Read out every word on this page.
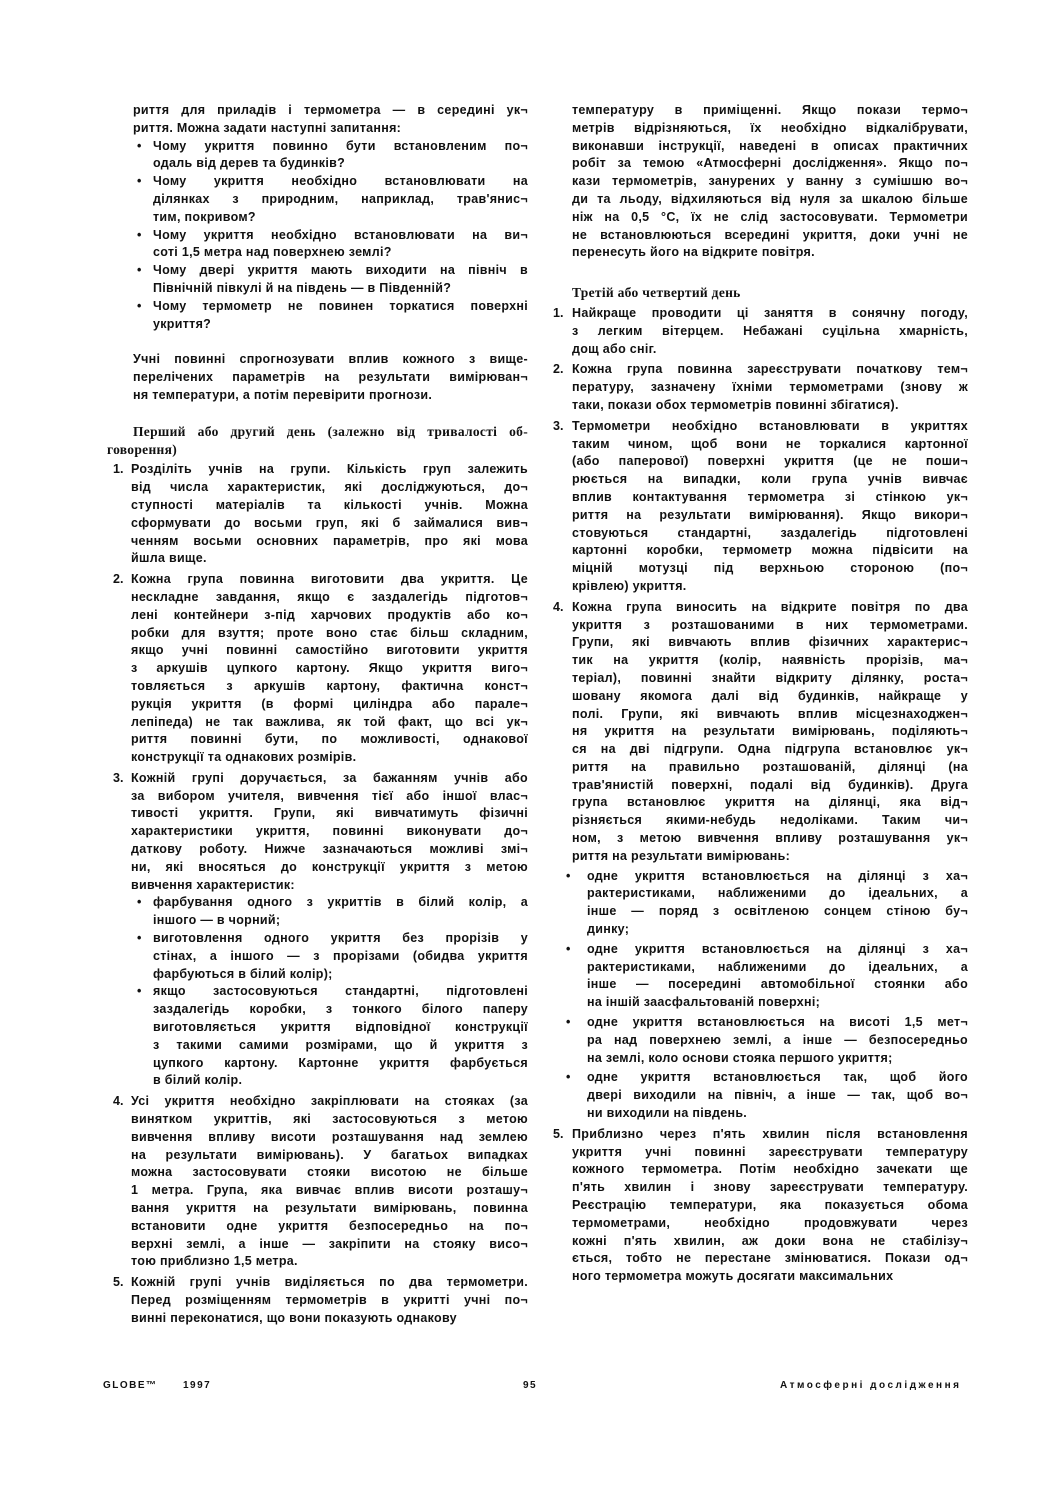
риття для приладів і термометра — в середині ук¬
риття. Можна задати наступні запитання:
• Чому укриття повинно бути встановленим по¬
одаль від дерев та будинків?
• Чому укриття необхідно встановлювати на
ділянках з природним, наприклад, трав'янис¬
тим, покривом?
• Чому укриття необхідно встановлювати на ви¬
соті 1,5 метра над поверхнею землі?
• Чому двері укриття мають виходити на північ в
Північній півкулі й на південь — в Південній?
• Чому термометр не повинен торкатися поверхні
укриття?
Учні повинні спрогнозувати вплив кожного з вище-
перелічених параметрів на результати вимірюван¬
ня температури, а потім перевірити прогнози.
Перший або другий день (залежно від тривалості об-
говорення)
1. Розділіть учнів на групи. Кількість груп залежить
від числа характеристик, які досліджуються, до¬
ступності матеріалів та кількості учнів. Можна
сформувати до восьми груп, які б займалися вив¬
ченням восьми основних параметрів, про які мова
йшла вище.
2. Кожна група повинна виготовити два укриття. Це
нескладне завдання, якщо є заздалегідь підготов¬
лені контейнери з-під харчових продуктів або ко¬
робки для взуття; проте воно стає більш складним,
якщо учні повинні самостійно виготовити укриття
з аркушів цупкого картону. Якщо укриття виго¬
товляється з аркушів картону, фактична конст¬
рукція укриття (в формі циліндра або парале¬
лепіпеда) не так важлива, як той факт, що всі ук¬
риття повинні бути, по можливості, однакової
конструкції та однакових розмірів.
3. Кожній групі доручається, за бажанням учнів або
за вибором учителя, вивчення тієї або іншої влас¬
тивості укриття. Групи, які вивчатимуть фізичні
характеристики укриття, повинні виконувати до¬
даткову роботу. Нижче зазначаються можливі змі¬
ни, які вносяться до конструкції укриття з метою
вивчення характеристик:
• фарбування одного з укриттів в білий колір, а
іншого — в чорний;
• виготовлення одного укриття без прорізів у
стінах, а іншого — з прорізами (обидва укриття
фарбуються в білий колір);
• якщо застосовуються стандартні, підготовлені
заздалегідь коробки, з тонкого білого паперу
виготовляється укриття відповідної конструкції
з такими самими розмірами, що й укриття з
цупкого картону. Картонне укриття фарбується
в білий колір.
4. Усі укриття необхідно закріплювати на стояках (за
винятком укриттів, які застосовуються з метою
вивчення впливу висоти розташування над землею
на результати вимірювань). У багатьох випадках
можна застосовувати стояки висотою не більше
1 метра. Група, яка вивчає вплив висоти розташу¬
вання укриття на результати вимірювань, повинна
встановити одне укриття безпосередньо на по¬
верхні землі, а інше — закріпити на стояку висо¬
тою приблизно 1,5 метра.
5. Кожній групі учнів виділяється по два термометри.
Перед розміщенням термометрів в укритті учні по¬
винні переконатися, що вони показують однакову
температуру в приміщенні. Якщо покази термо¬
метрів відрізняються, їх необхідно відкалібрувати,
виконавши інструкції, наведені в описах практичних
робіт за темою «Атмосферні дослідження». Якщо по¬
кази термометрів, занурених у ванну з сумішшю во¬
ди та льоду, відхиляються від нуля за шкалою більше
ніж на 0,5 °C, їх не слід застосовувати. Термометри
не встановлюються всередині укриття, доки учні не
перенесуть його на відкрите повітря.
Третій або четвертий день
1. Найкраще проводити ці заняття в сонячну погоду,
з легким вітерцем. Небажані суцільна хмарність,
дощ або сніг.
2. Кожна група повинна зареєструвати початкову тем¬
пературу, зазначену їхніми термометрами (знову ж
таки, покази обох термометрів повинні збігатися).
3. Термометри необхідно встановлювати в укриттях
таким чином, щоб вони не торкалися картонної
(або паперової) поверхні укриття (це не поши¬
рюється на випадки, коли група учнів вивчає
вплив контактування термометра зі стінкою ук¬
риття на результати вимірювання). Якщо викори¬
стовуються стандартні, заздалегідь підготовлені
картонні коробки, термометр можна підвісити на
міцній мотузці під верхньою стороною (по¬
крівлею) укриття.
4. Кожна група виносить на відкрите повітря по два
укриття з розташованими в них термометрами.
Групи, які вивчають вплив фізичних характерис¬
тик на укриття (колір, наявність прорізів, ма¬
теріал), повинні знайти відкриту ділянку, роста¬
шовану якомога далі від будинків, найкраще у
полі. Групи, які вивчають вплив місцезнаходжен¬
ня укриття на результати вимірювань, поділяють¬
ся на дві підгрупи. Одна підгрупа встановлює ук¬
риття на правильно розташованій, ділянці (на
трав'янистій поверхні, подалі від будинків). Друга
група встановлює укриття на ділянці, яка від¬
різняється якими-небудь недоліками. Таким чи¬
ном, з метою вивчення впливу розташування ук¬
риття на результати вимірювань:
• одне укриття встановлюється на ділянці з ха¬
рактеристиками, наближеними до ідеальних, а
інше — поряд з освітленою сонцем стіною бу¬
динку;
• одне укриття встановлюється на ділянці з ха¬
рактеристиками, наближеними до ідеальних, а
інше — посередині автомобільної стоянки або
на іншій заасфальтованій поверхні;
• одне укриття встановлюється на висоті 1,5 мет¬
ра над поверхнею землі, а інше — безпосередньо
на землі, коло основи стояка першого укриття;
• одне укриття встановлюється так, щоб його
двері виходили на північ, а інше — так, щоб во¬
ни виходили на південь.
5. Приблизно через п'ять хвилин після встановлення
укриття учні повинні зареєструвати температуру
кожного термометра. Потім необхідно зачекати ще
п'ять хвилин і знову зареєструвати температуру.
Реєстрацію температури, яка показується обома
термометрами, необхідно продовжувати через
кожні п'ять хвилин, аж доки вона не стабілізу¬
ється, тобто не перестане змінюватися. Покази од¬
ного термометра можуть досягати максимальних
GLOBE™	1997	95	Атмосферні дослідження
